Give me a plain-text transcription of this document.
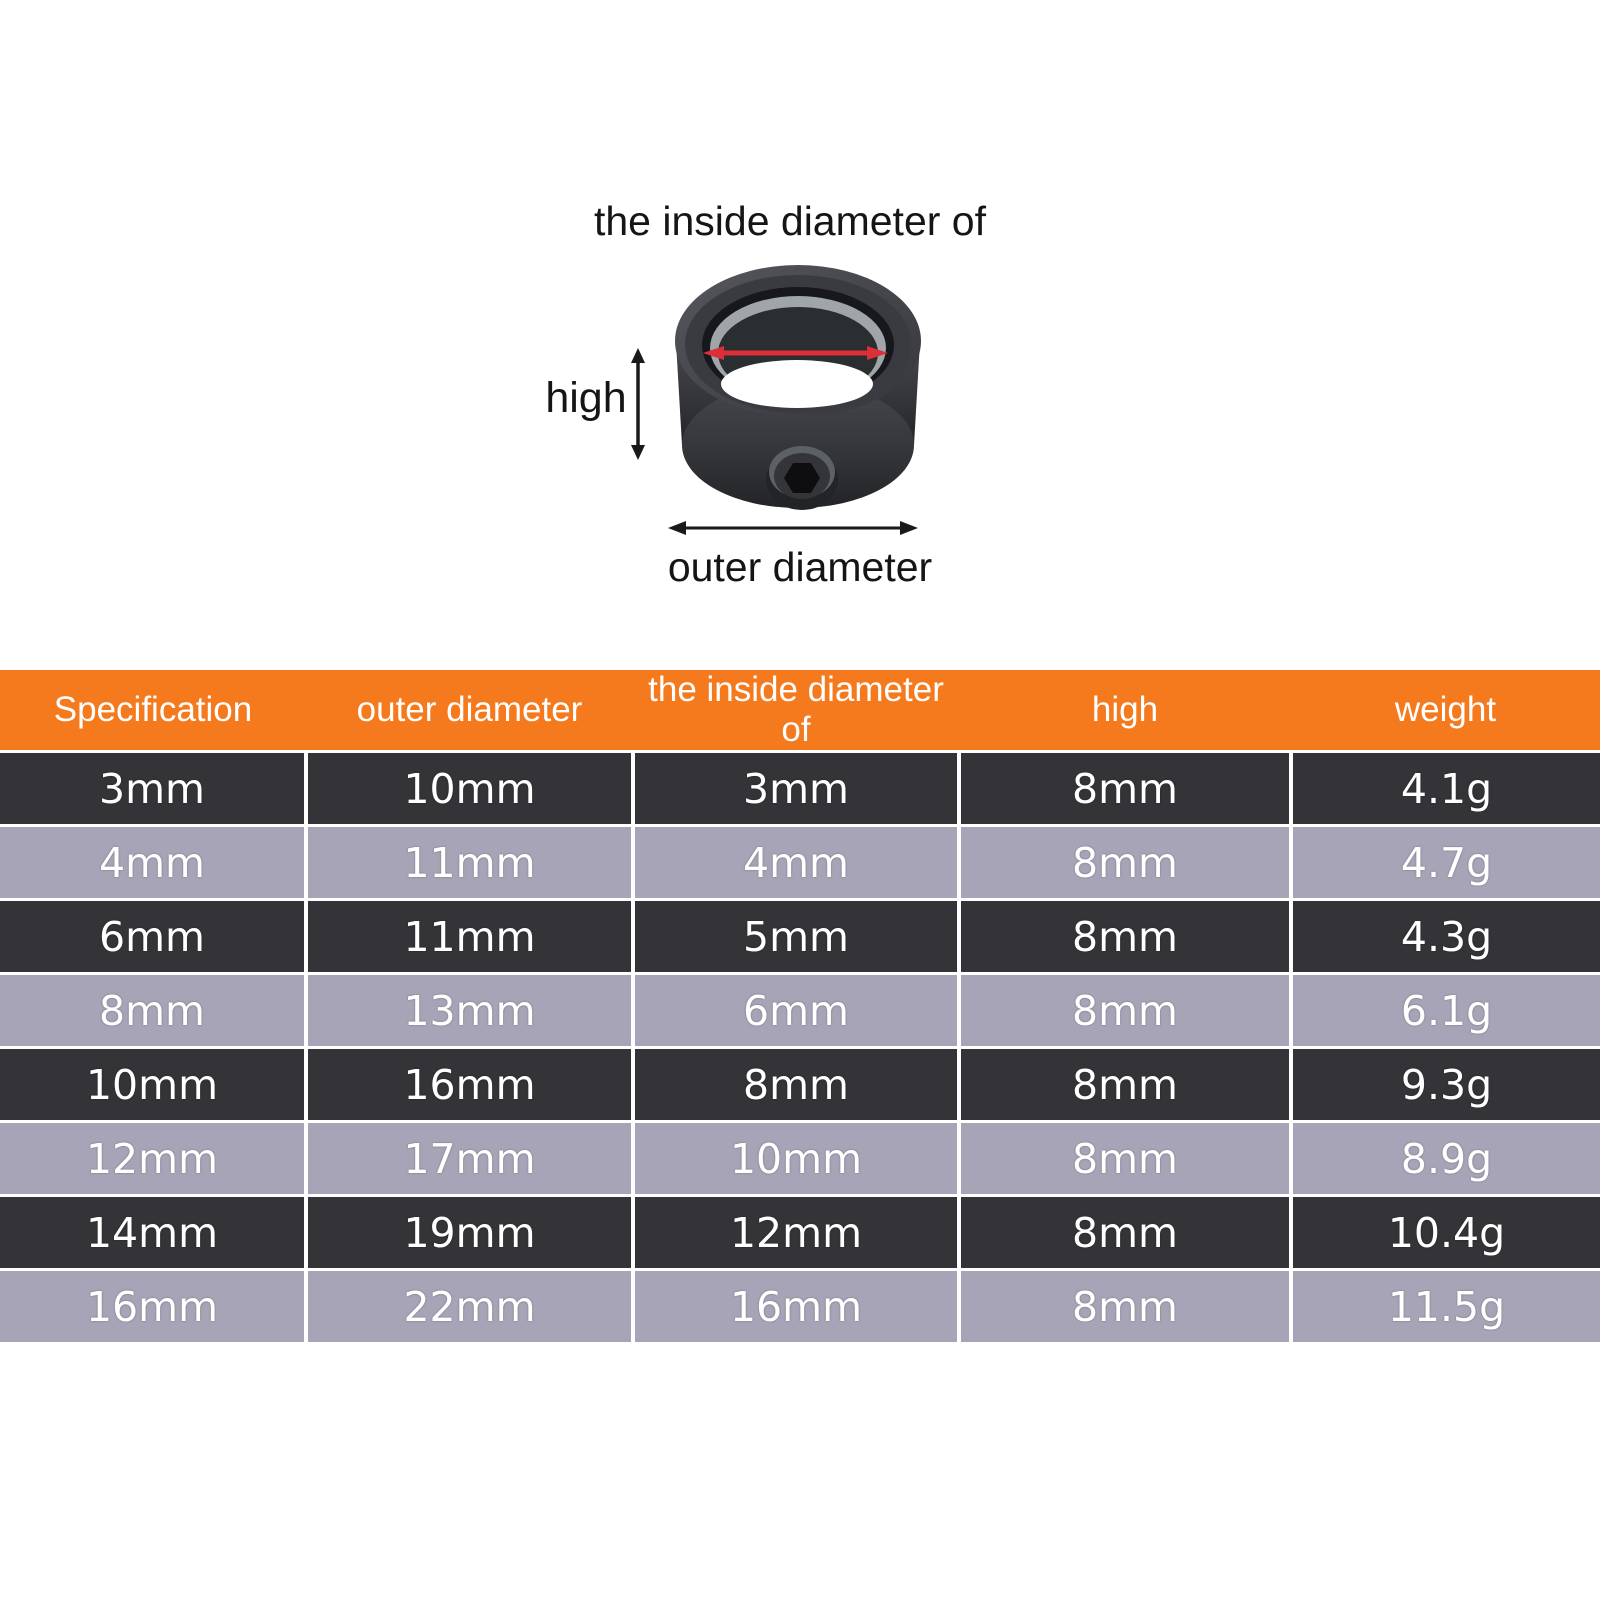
the inside diameter of
high
outer diameter
Specification	outer diameter	the inside diameter of	high	weight
3mm	10mm	3mm	8mm	4.1g
4mm	11mm	4mm	8mm	4.7g
6mm	11mm	5mm	8mm	4.3g
8mm	13mm	6mm	8mm	6.1g
10mm	16mm	8mm	8mm	9.3g
12mm	17mm	10mm	8mm	8.9g
14mm	19mm	12mm	8mm	10.4g
16mm	22mm	16mm	8mm	11.5g
